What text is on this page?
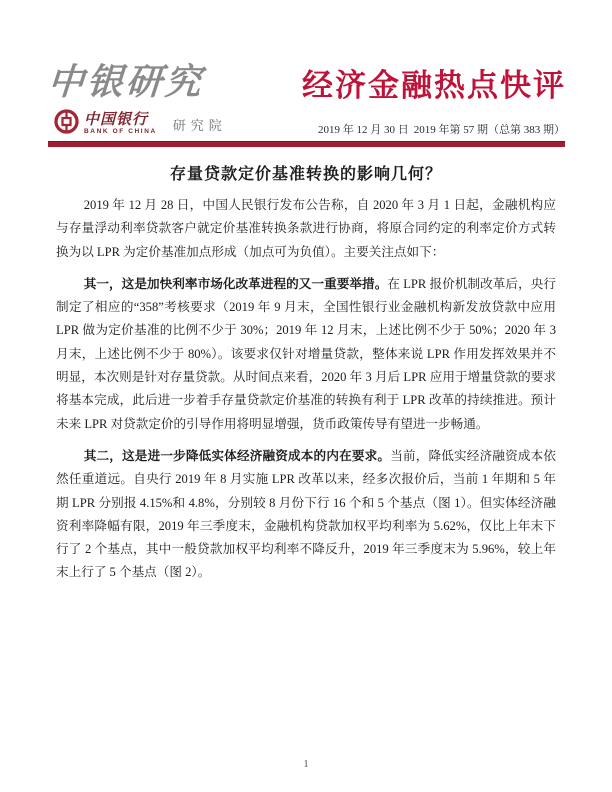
中银研究	经济金融热点快评
中国银行
BANK OF CHINA 研究院	2019 年 12 月 30 日 2019 年第 57 期（总第 383 期）
存量贷款定价基准转换的影响几何？

2019 年 12 月 28 日，中国人民银行发布公告称，自 2020 年 3 月 1 日起，金融机构应与存量浮动利率贷款客户就定价基准转换条款进行协商，将原合同约定的利率定价方式转换为以 LPR 为定价基准加点形成（加点可为负值）。主要关注点如下：

其一，这是加快利率市场化改革进程的又一重要举措。在 LPR 报价机制改革后，央行制定了相应的“358”考核要求（2019 年 9 月末，全国性银行业金融机构新发放贷款中应用 LPR 做为定价基准的比例不少于 30%；2019 年 12 月末，上述比例不少于 50%；2020 年 3 月末，上述比例不少于 80%）。该要求仅针对增量贷款，整体来说 LPR 作用发挥效果并不明显，本次则是针对存量贷款。从时间点来看，2020 年 3 月后 LPR 应用于增量贷款的要求将基本完成，此后进一步着手存量贷款定价基准的转换有利于 LPR 改革的持续推进。预计未来 LPR 对贷款定价的引导作用将明显增强，货币政策传导有望进一步畅通。

其二，这是进一步降低实体经济融资成本的内在要求。当前，降低实经济融资成本依然任重道远。自央行 2019 年 8 月实施 LPR 改革以来，经多次报价后，当前 1 年期和 5 年期 LPR 分别报 4.15%和 4.8%，分别较 8 月份下行 16 个和 5 个基点（图 1）。但实体经济融资利率降幅有限，2019 年三季度末，金融机构贷款加权平均利率为 5.62%，仅比上年末下行了 2 个基点，其中一般贷款加权平均利率不降反升，2019 年三季度末为 5.96%，较上年末上行了 5 个基点（图 2）。

1
